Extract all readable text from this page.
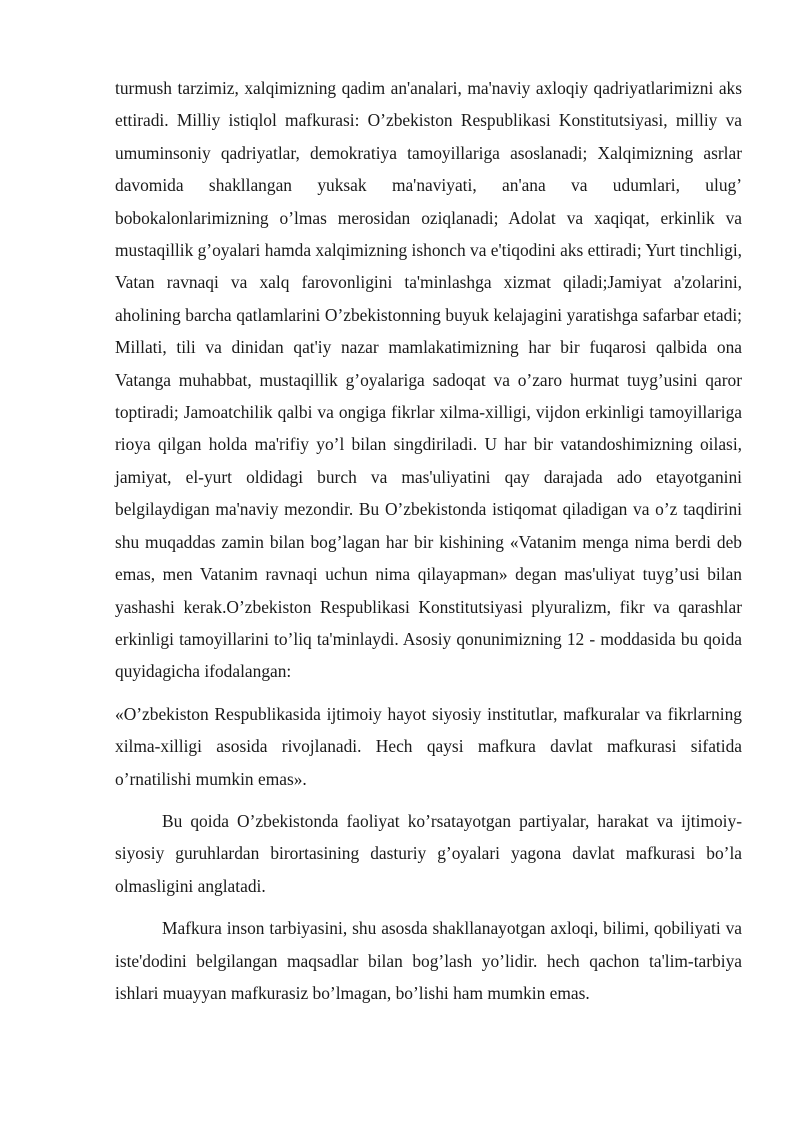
turmush tarzimiz, xalqimizning qadim an'analari, ma'naviy axloqiy qadriyatlarimizni aks ettiradi. Milliy istiqlol mafkurasi: O’zbekiston Respublikasi Konstitutsiyasi, milliy va umuminsoniy qadriyatlar, demokratiya tamoyillariga asoslanadi; Xalqimizning asrlar davomida shakllangan yuksak ma'naviyati, an'ana va udumlari, ulug’ bobokalonlarimizning o’lmas merosidan oziqlanadi; Adolat va xaqiqat, erkinlik va mustaqillik g’oyalari hamda xalqimizning ishonch va e'tiqodini aks ettiradi; Yurt tinchligi, Vatan ravnaqi va xalq farovonligini ta'minlashga xizmat qiladi;Jamiyat a'zolarini, aholining barcha qatlamlarini O’zbekistonning buyuk kelajagini yaratishga safarbar etadi; Millati, tili va dinidan qat'iy nazar mamlakatimizning har bir fuqarosi qalbida ona Vatanga muhabbat, mustaqillik g’oyalariga sadoqat va o’zaro hurmat tuyg’usini qaror toptiradi; Jamoatchilik qalbi va ongiga fikrlar xilma-xilligi, vijdon erkinligi tamoyillariga rioya qilgan holda ma'rifiy yo’l bilan singdiriladi. U har bir vatandoshimizning oilasi, jamiyat, el-yurt oldidagi burch va mas'uliyatini qay darajada ado etayotganini belgilaydigan ma'naviy mezondir. Bu O’zbekistonda istiqomat qiladigan va o’z taqdirini shu muqaddas zamin bilan bog’lagan har bir kishining «Vatanim menga nima berdi deb emas, men Vatanim ravnaqi uchun nima qilayapman» degan mas'uliyat tuyg’usi bilan yashashi kerak.O’zbekiston Respublikasi Konstitutsiyasi plyuralizm, fikr va qarashlar erkinligi tamoyillarini to’liq ta'minlaydi. Asosiy qonunimizning 12 - moddasida bu qoida quyidagicha ifodalangan:

«O’zbekiston Respublikasida ijtimoiy hayot siyosiy institutlar, mafkuralar va fikrlarning xilma-xilligi asosida rivojlanadi. Hech qaysi mafkura davlat mafkurasi sifatida o’rnatilishi mumkin emas».

Bu qoida O’zbekistonda faoliyat ko’rsatayotgan partiyalar, harakat va ijtimoiy-siyosiy guruhlardan birortasining dasturiy g’oyalari yagona davlat mafkurasi bo’la olmasligini anglatadi.

Mafkura inson tarbiyasini, shu asosda shakllanayotgan axloqi, bilimi, qobiliyati va iste'dodini belgilangan maqsadlar bilan bog’lash yo’lidir. hech qachon ta'lim-tarbiya ishlari muayyan mafkurasiz bo’lmagan, bo’lishi ham mumkin emas.
